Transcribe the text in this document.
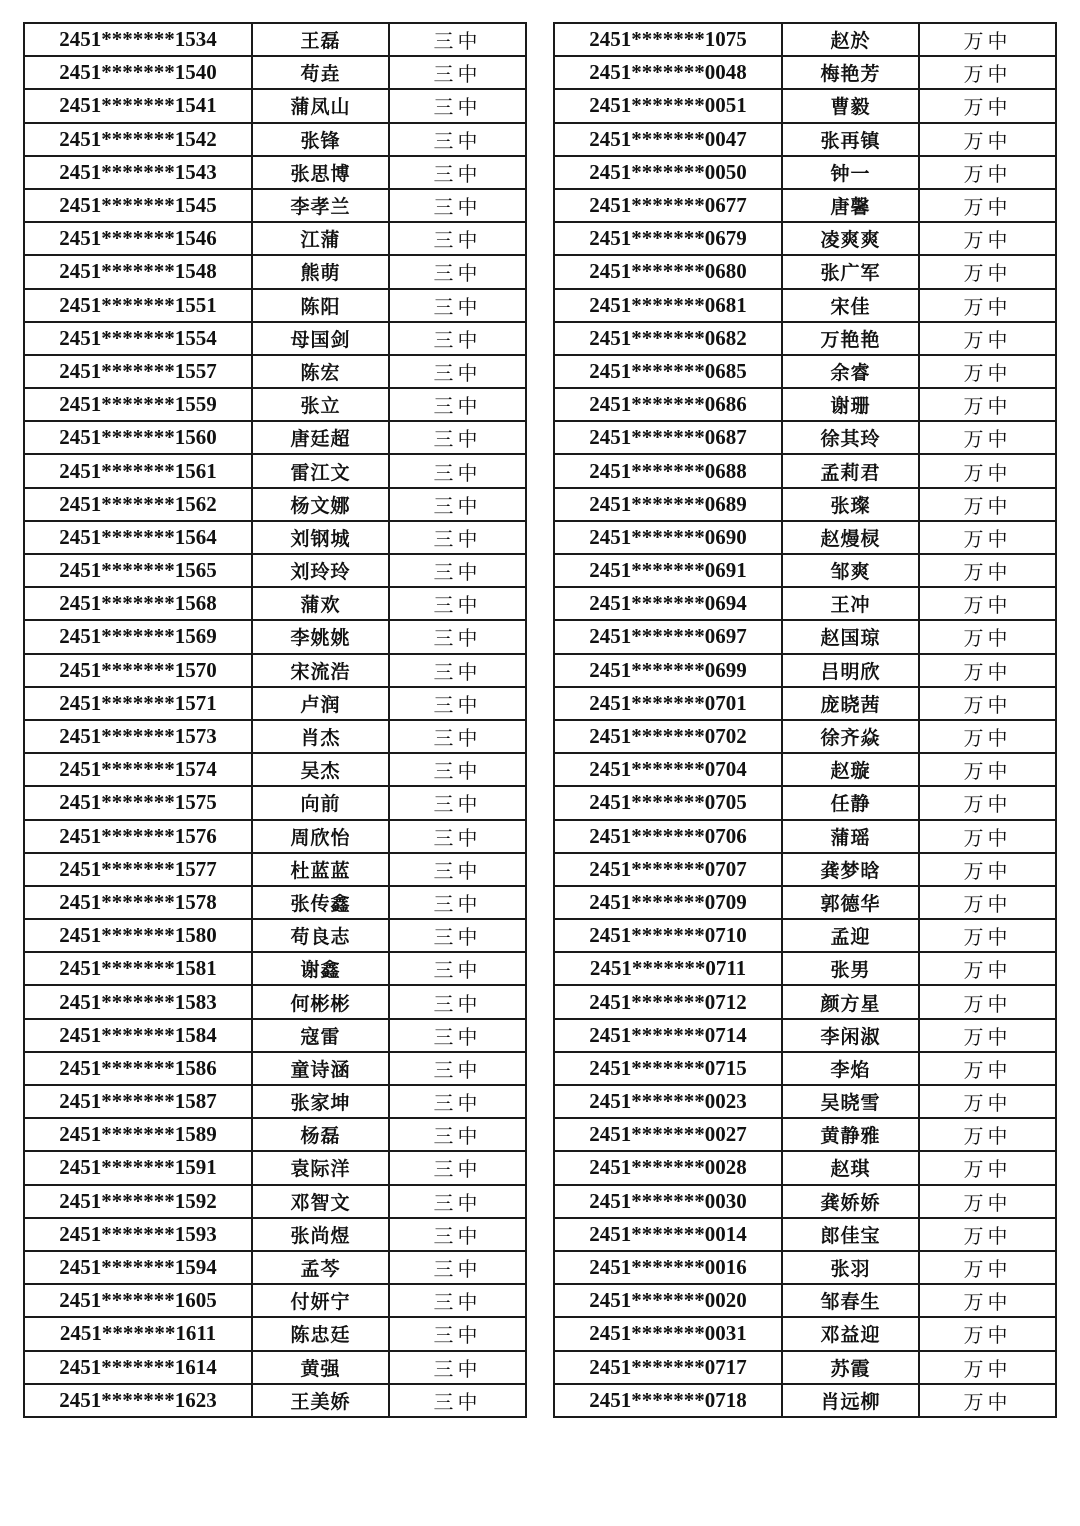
2451*******1534	王磊	三中
2451*******1540	苟垚	三中
2451*******1541	蒲凤山	三中
2451*******1542	张锋	三中
2451*******1543	张思博	三中
2451*******1545	李孝兰	三中
2451*******1546	江蒲	三中
2451*******1548	熊萌	三中
2451*******1551	陈阳	三中
2451*******1554	母国剑	三中
2451*******1557	陈宏	三中
2451*******1559	张立	三中
2451*******1560	唐廷超	三中
2451*******1561	雷江文	三中
2451*******1562	杨文娜	三中
2451*******1564	刘钢城	三中
2451*******1565	刘玲玲	三中
2451*******1568	蒲欢	三中
2451*******1569	李姚姚	三中
2451*******1570	宋流浩	三中
2451*******1571	卢润	三中
2451*******1573	肖杰	三中
2451*******1574	吴杰	三中
2451*******1575	向前	三中
2451*******1576	周欣怡	三中
2451*******1577	杜蓝蓝	三中
2451*******1578	张传鑫	三中
2451*******1580	苟良志	三中
2451*******1581	谢鑫	三中
2451*******1583	何彬彬	三中
2451*******1584	寇雷	三中
2451*******1586	童诗涵	三中
2451*******1587	张家坤	三中
2451*******1589	杨磊	三中
2451*******1591	袁际洋	三中
2451*******1592	邓智文	三中
2451*******1593	张尚煜	三中
2451*******1594	孟芩	三中
2451*******1605	付妍宁	三中
2451*******1611	陈忠廷	三中
2451*******1614	黄强	三中
2451*******1623	王美娇	三中
2451*******1075	赵於	万中
2451*******0048	梅艳芳	万中
2451*******0051	曹毅	万中
2451*******0047	张再镇	万中
2451*******0050	钟一	万中
2451*******0677	唐馨	万中
2451*******0679	凌爽爽	万中
2451*******0680	张广军	万中
2451*******0681	宋佳	万中
2451*******0682	万艳艳	万中
2451*******0685	余睿	万中
2451*******0686	谢珊	万中
2451*******0687	徐其玲	万中
2451*******0688	孟莉君	万中
2451*******0689	张璨	万中
2451*******0690	赵熳棂	万中
2451*******0691	邹爽	万中
2451*******0694	王冲	万中
2451*******0697	赵国琼	万中
2451*******0699	吕明欣	万中
2451*******0701	庞晓茜	万中
2451*******0702	徐齐焱	万中
2451*******0704	赵璇	万中
2451*******0705	任静	万中
2451*******0706	蒲瑶	万中
2451*******0707	龚梦晗	万中
2451*******0709	郭德华	万中
2451*******0710	孟迎	万中
2451*******0711	张男	万中
2451*******0712	颜方星	万中
2451*******0714	李闲淑	万中
2451*******0715	李焰	万中
2451*******0023	吴晓雪	万中
2451*******0027	黄静雅	万中
2451*******0028	赵琪	万中
2451*******0030	龚娇娇	万中
2451*******0014	郎佳宝	万中
2451*******0016	张羽	万中
2451*******0020	邹春生	万中
2451*******0031	邓益迎	万中
2451*******0717	苏霞	万中
2451*******0718	肖远柳	万中
